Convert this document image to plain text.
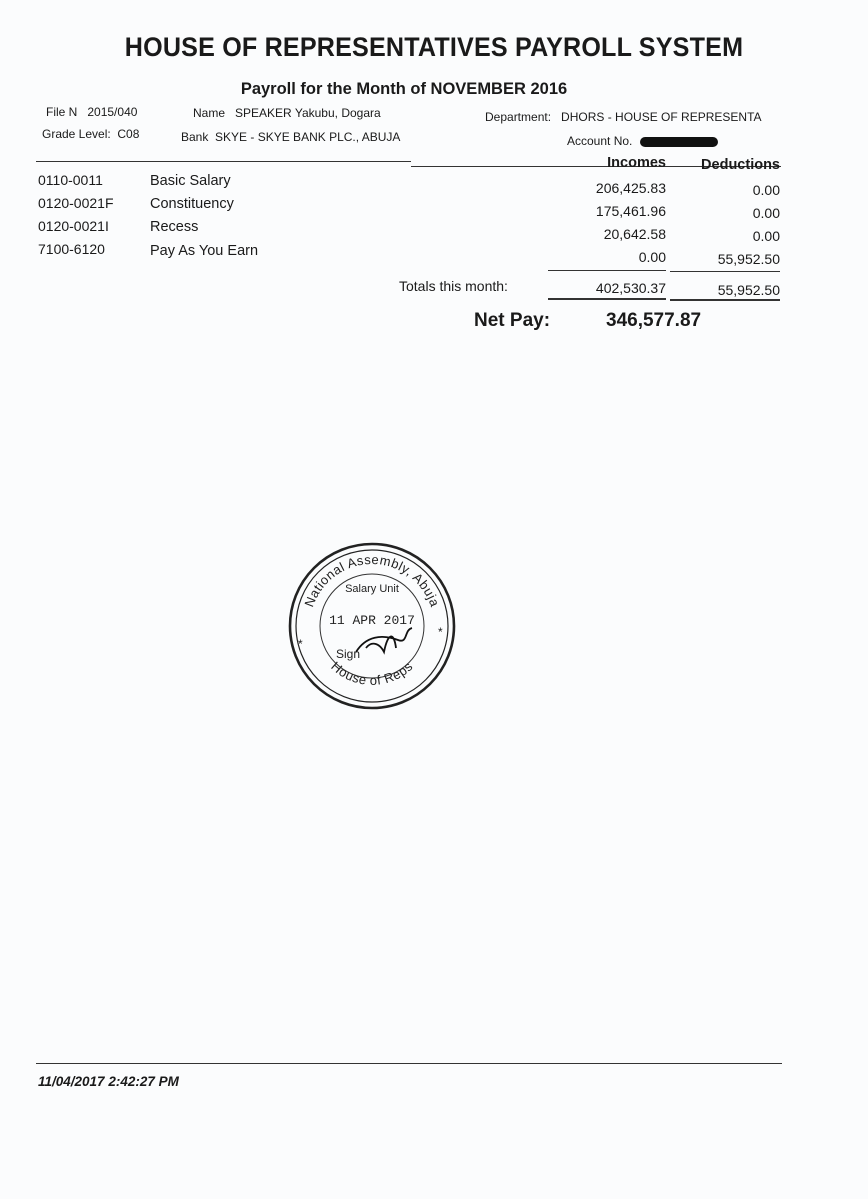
HOUSE OF REPRESENTATIVES PAYROLL SYSTEM
Payroll for the Month of NOVEMBER 2016
File N 2015/040
Grade Level: C08
Name SPEAKER Yakubu, Dogara
Bank SKYE - SKYE BANK PLC., ABUJA
Department: DHORS - HOUSE OF REPRESENTA
Account No.
Incomes	Deductions
0110-0011	Basic Salary	206,425.83	0.00
0120-0021F	Constituency	175,461.96	0.00
0120-0021I	Recess	20,642.58	0.00
7100-6120	Pay As You Earn	0.00	55,952.50
Totals this month:	402,530.37	55,952.50
Net Pay:	346,577.87
National Assembly, Abuja
House of Reps
*
*
Salary Unit
11 APR 2017
Sign
11/04/2017 2:42:27 PM
